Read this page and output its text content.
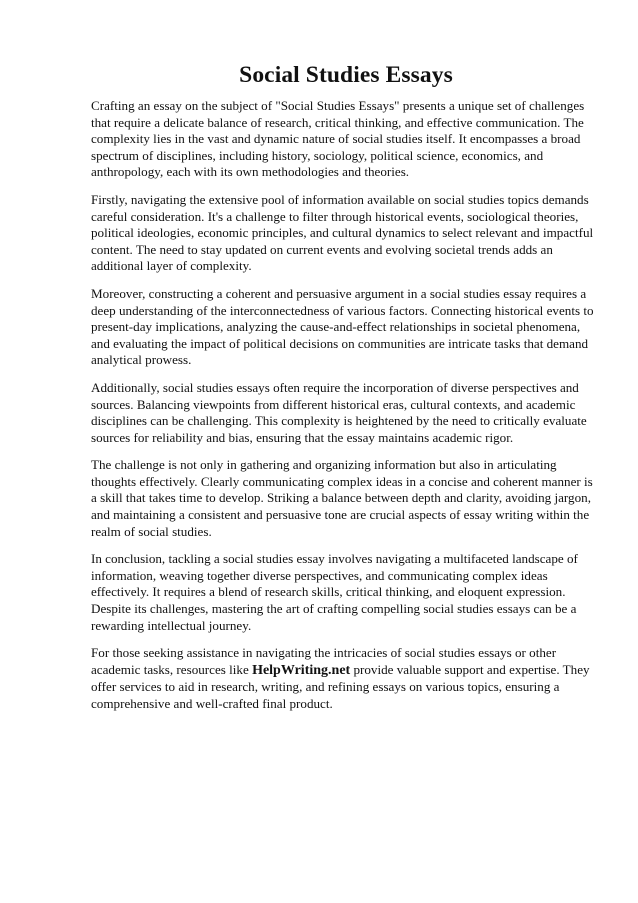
Social Studies Essays

Crafting an essay on the subject of "Social Studies Essays" presents a unique set of challenges that require a delicate balance of research, critical thinking, and effective communication. The complexity lies in the vast and dynamic nature of social studies itself. It encompasses a broad spectrum of disciplines, including history, sociology, political science, economics, and anthropology, each with its own methodologies and theories.

Firstly, navigating the extensive pool of information available on social studies topics demands careful consideration. It's a challenge to filter through historical events, sociological theories, political ideologies, economic principles, and cultural dynamics to select relevant and impactful content. The need to stay updated on current events and evolving societal trends adds an additional layer of complexity.

Moreover, constructing a coherent and persuasive argument in a social studies essay requires a deep understanding of the interconnectedness of various factors. Connecting historical events to present-day implications, analyzing the cause-and-effect relationships in societal phenomena, and evaluating the impact of political decisions on communities are intricate tasks that demand analytical prowess.

Additionally, social studies essays often require the incorporation of diverse perspectives and sources. Balancing viewpoints from different historical eras, cultural contexts, and academic disciplines can be challenging. This complexity is heightened by the need to critically evaluate sources for reliability and bias, ensuring that the essay maintains academic rigor.

The challenge is not only in gathering and organizing information but also in articulating thoughts effectively. Clearly communicating complex ideas in a concise and coherent manner is a skill that takes time to develop. Striking a balance between depth and clarity, avoiding jargon, and maintaining a consistent and persuasive tone are crucial aspects of essay writing within the realm of social studies.

In conclusion, tackling a social studies essay involves navigating a multifaceted landscape of information, weaving together diverse perspectives, and communicating complex ideas effectively. It requires a blend of research skills, critical thinking, and eloquent expression. Despite its challenges, mastering the art of crafting compelling social studies essays can be a rewarding intellectual journey.

For those seeking assistance in navigating the intricacies of social studies essays or other academic tasks, resources like HelpWriting.net provide valuable support and expertise. They offer services to aid in research, writing, and refining essays on various topics, ensuring a comprehensive and well-crafted final product.
